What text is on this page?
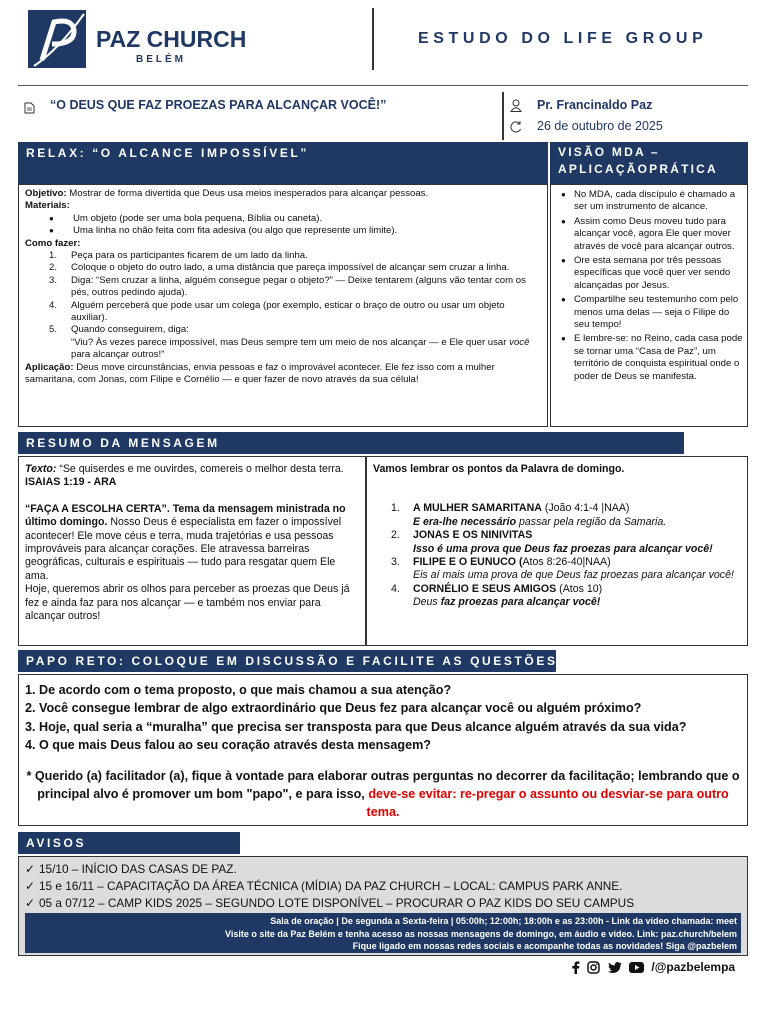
PAZ CHURCH
BELÉM
ESTUDO DO LIFE GROUP
“O DEUS QUE FAZ PROEZAS PARA ALCANÇAR VOCÊ!”	Pr. Francinaldo Paz
26 de outubro de 2025
RELAX: “O ALCANCE IMPOSSÍVEL”	VISÃO MDA –
APLICAÇÃOPRÁTICA
Objetivo: Mostrar de forma divertida que Deus usa meios inesperados para alcançar pessoas.
Materiais:
● Um objeto (pode ser uma bola pequena, Bíblia ou caneta).
● Uma linha no chão feita com fita adesiva (ou algo que represente um limite).
Como fazer:
1. Peça para os participantes ficarem de um lado da linha.
2. Coloque o objeto do outro lado, a uma distância que pareça impossível de alcançar sem cruzar a linha.
3. Diga: “Sem cruzar a linha, alguém consegue pegar o objeto?” — Deixe tentarem (alguns vão tentar com os pés, outros pedindo ajuda).
4. Alguém perceberá que pode usar um colega (por exemplo, esticar o braço de outro ou usar um objeto auxiliar).
5. Quando conseguirem, diga:
“Viu? Às vezes parece impossível, mas Deus sempre tem um meio de nos alcançar — e Ele quer usar você para alcançar outros!”
Aplicação: Deus move circunstâncias, envia pessoas e faz o improvável acontecer. Ele fez isso com a mulher samaritana, com Jonas, com Filipe e Cornélio — e quer fazer de novo através da sua célula!
● No MDA, cada discípulo é chamado a ser um instrumento de alcance.
● Assim como Deus moveu tudo para alcançar você, agora Ele quer mover através de você para alcançar outros.
● Ore esta semana por três pessoas específicas que você quer ver sendo alcançadas por Jesus.
● Compartilhe seu testemunho com pelo menos uma delas — seja o Filipe do seu tempo!
● E lembre-se: no Reino, cada casa pode se tornar uma “Casa de Paz”, um território de conquista espiritual onde o poder de Deus se manifesta.
RESUMO DA MENSAGEM
Texto: “Se quiserdes e me ouvirdes, comereis o melhor desta terra. ISAIAS 1:19 - ARA
“FAÇA A ESCOLHA CERTA”. Tema da mensagem ministrada no último domingo. Nosso Deus é especialista em fazer o impossível acontecer! Ele move céus e terra, muda trajetórias e usa pessoas improváveis para alcançar corações. Ele atravessa barreiras geográficas, culturais e espirituais — tudo para resgatar quem Ele ama.
Hoje, queremos abrir os olhos para perceber as proezas que Deus já fez e ainda faz para nos alcançar — e também nos enviar para alcançar outros!
Vamos lembrar os pontos da Palavra de domingo.
1. A MULHER SAMARITANA (João 4:1-4 |NAA)
E era-lhe necessário passar pela região da Samaria.
2. JONAS E OS NINIVITAS
Isso é uma prova que Deus faz proezas para alcançar você!
3. FILIPE E O EUNUCO (Atos 8:26-40|NAA)
Eis aí mais uma prova de que Deus faz proezas para alcançar você!
4. CORNÉLIO E SEUS AMIGOS (Atos 10)
Deus faz proezas para alcançar você!
PAPO RETO: COLOQUE EM DISCUSSÃO E FACILITE AS QUESTÕES
1. De acordo com o tema proposto, o que mais chamou a sua atenção?
2. Você consegue lembrar de algo extraordinário que Deus fez para alcançar você ou alguém próximo?
3. Hoje, qual seria a “muralha” que precisa ser transposta para que Deus alcance alguém através da sua vida?
4. O que mais Deus falou ao seu coração através desta mensagem?
* Querido (a) facilitador (a), fique à vontade para elaborar outras perguntas no decorrer da facilitação; lembrando que o principal alvo é promover um bom "papo", e para isso, deve-se evitar: re-pregar o assunto ou desviar-se para outro tema.
AVISOS
✓ 15/10 – INÍCIO DAS CASAS DE PAZ.
✓ 15 e 16/11 – CAPACITAÇÃO DA ÁREA TÉCNICA (MÍDIA) DA PAZ CHURCH – LOCAL: CAMPUS PARK ANNE.
✓ 05 a 07/12 – CAMP KIDS 2025 – SEGUNDO LOTE DISPONÍVEL – PROCURAR O PAZ KIDS DO SEU CAMPUS
Sala de oração | De segunda a Sexta-feira | 05:00h; 12:00h; 18:00h e as 23:00h - Link da vídeo chamada: meet
Visite o site da Paz Belém e tenha acesso as nossas mensagens de domingo, em áudio e vídeo. Link: paz.church/belem
Fique ligado em nossas redes sociais e acompanhe todas as novidades! Siga @pazbelem
/@pazbelempa
